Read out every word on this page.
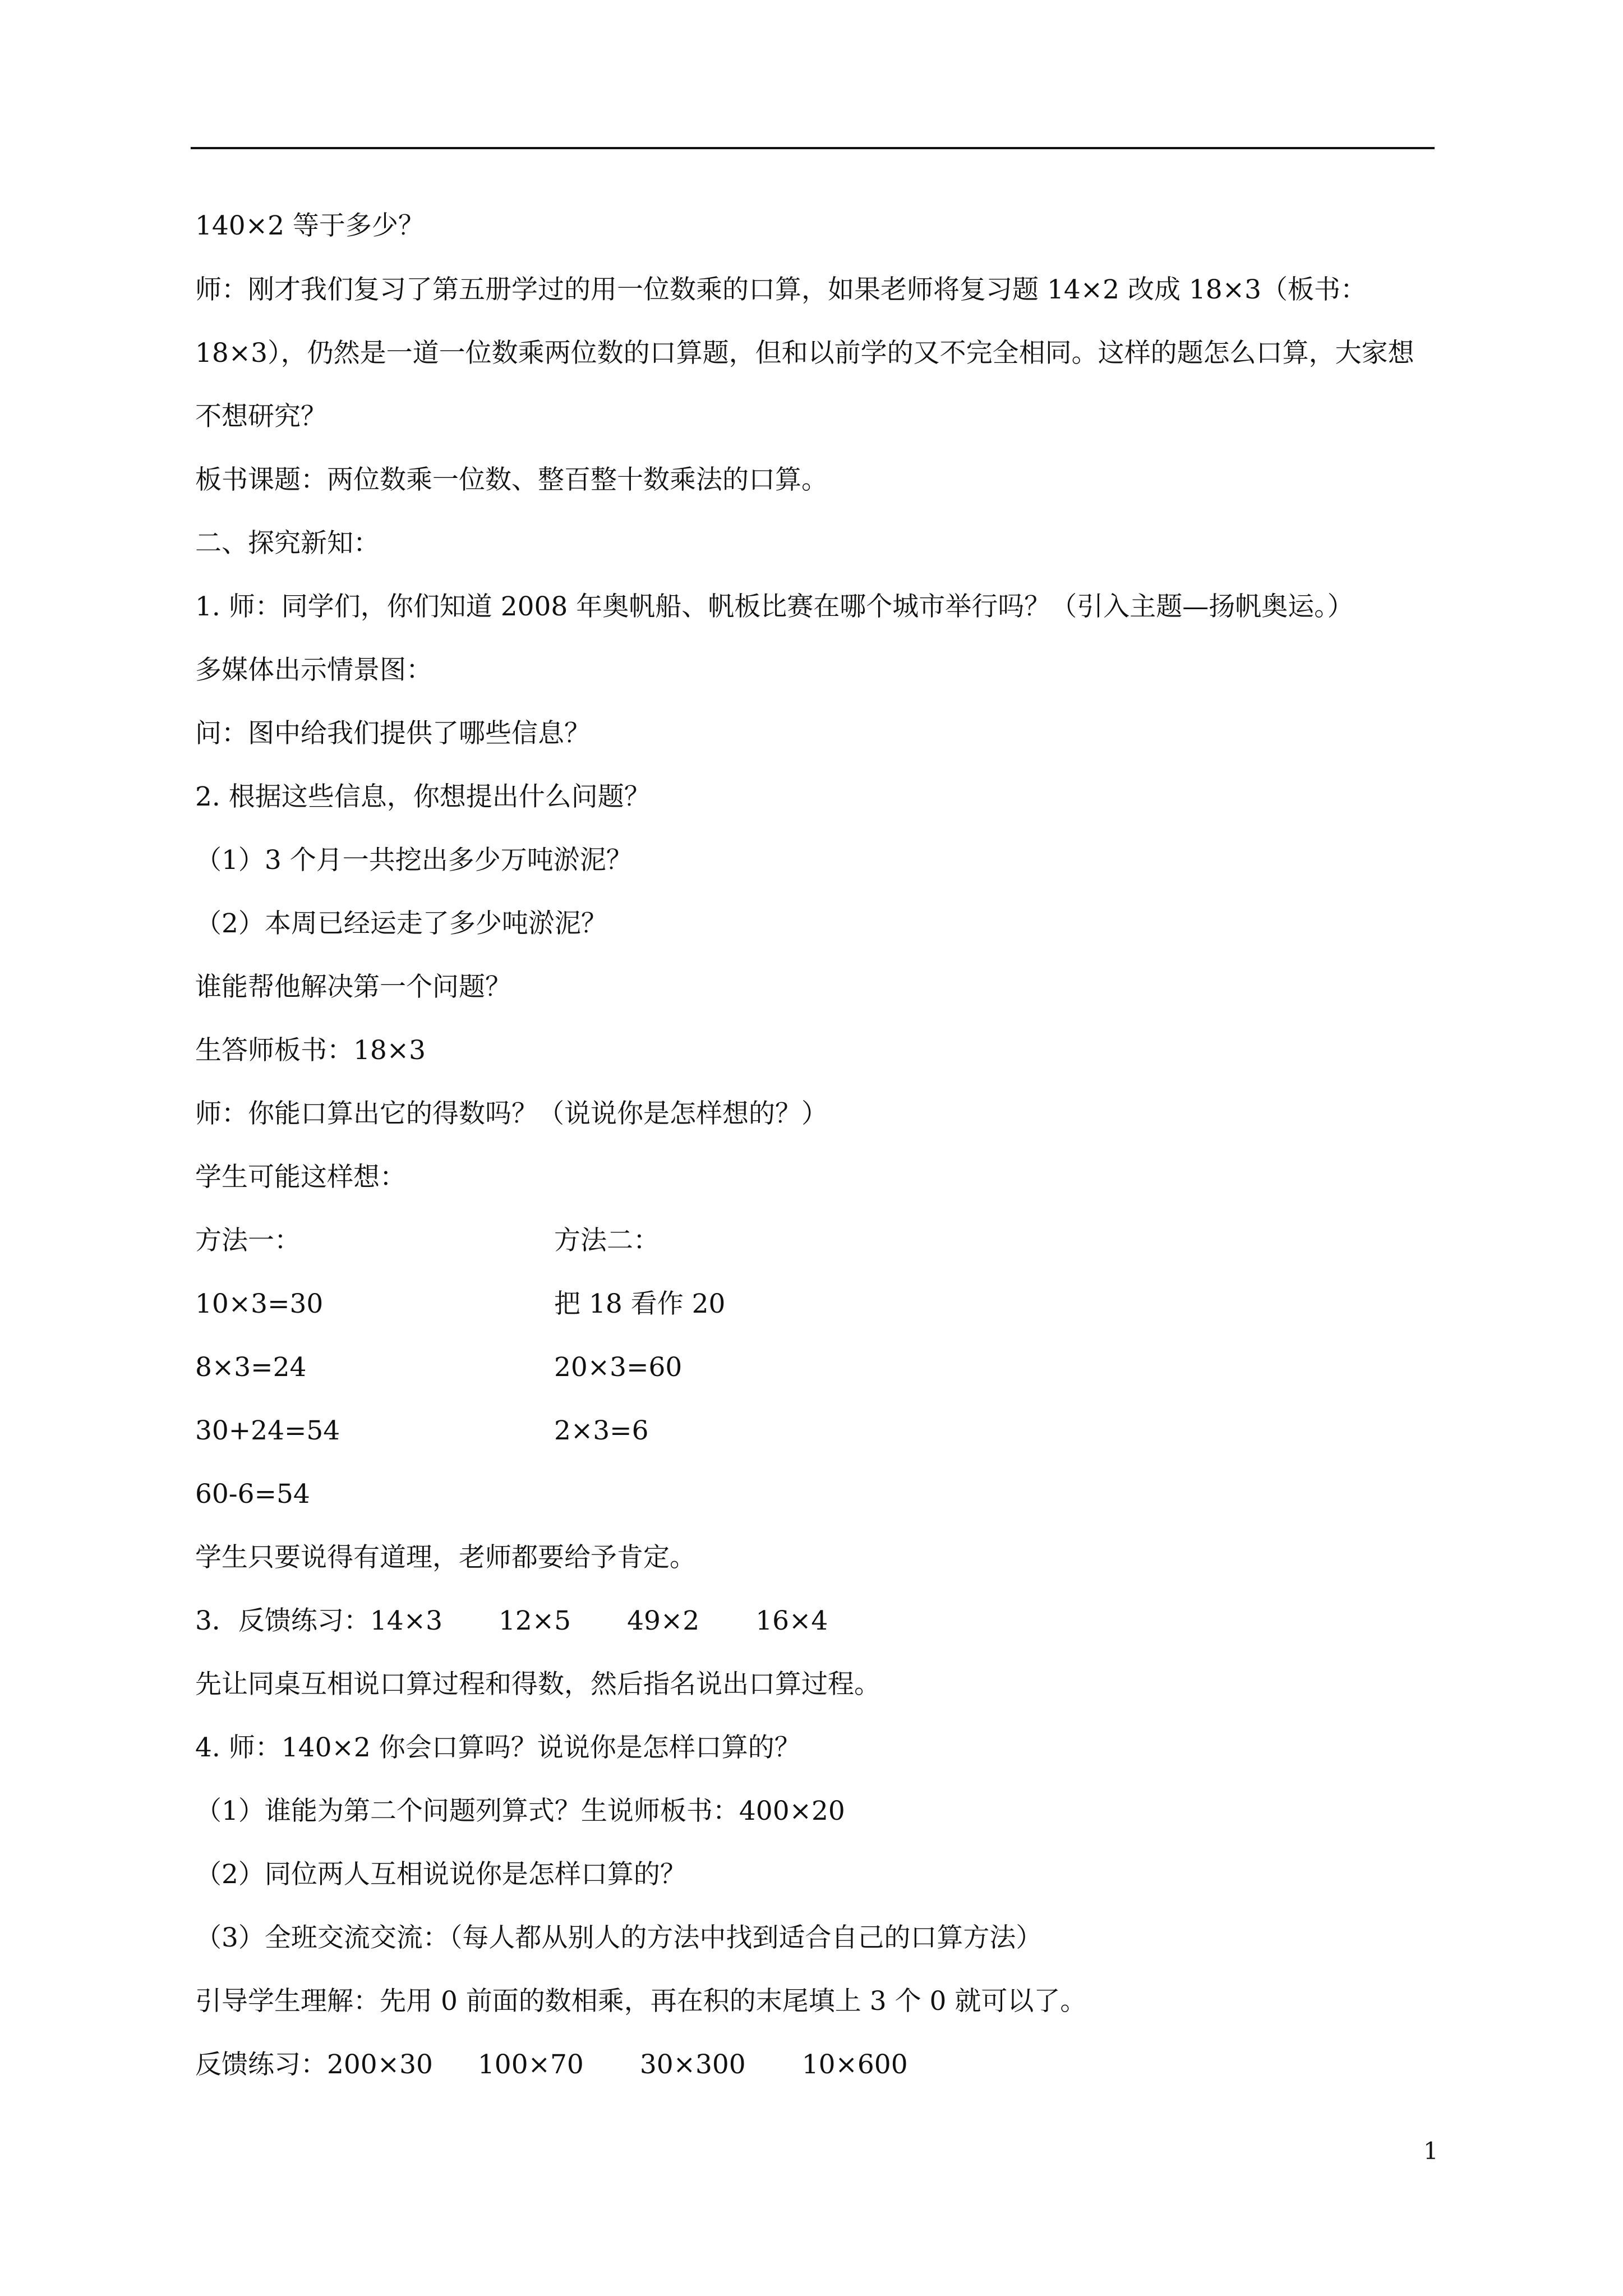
140×2 等于多少？

师：刚才我们复习了第五册学过的用一位数乘的口算，如果老师将复习题 14×2 改成 18×3（板书：18×3），仍然是一道一位数乘两位数的口算题，但和以前学的又不完全相同。这样的题怎么口算，大家想不想研究？

板书课题：两位数乘一位数、整百整十数乘法的口算。

二、探究新知：

1. 师：同学们，你们知道 2008 年奥帆船、帆板比赛在哪个城市举行吗？（引入主题—扬帆奥运。）

多媒体出示情景图：

问：图中给我们提供了哪些信息？

2. 根据这些信息，你想提出什么问题？

（1）3 个月一共挖出多少万吨淤泥？

（2）本周已经运走了多少吨淤泥？

谁能帮他解决第一个问题？

生答师板书：18×3

师：你能口算出它的得数吗？（说说你是怎样想的？）

学生可能这样想：

方法一：	方法二：
10×3=30	把 18 看作 20
8×3=24	20×3=60
30+24=54	2×3=6

60-6=54

学生只要说得有道理，老师都要给予肯定。

3．反馈练习：14×3 12×5 49×2 16×4

先让同桌互相说口算过程和得数，然后指名说出口算过程。

4. 师：140×2 你会口算吗？说说你是怎样口算的？

（1）谁能为第二个问题列算式？生说师板书：400×20

（2）同位两人互相说说你是怎样口算的？

（3）全班交流交流：（每人都从别人的方法中找到适合自己的口算方法）

引导学生理解：先用 0 前面的数相乘，再在积的末尾填上 3 个 0 就可以了。

反馈练习：200×30 100×70 30×300 10×600
1
